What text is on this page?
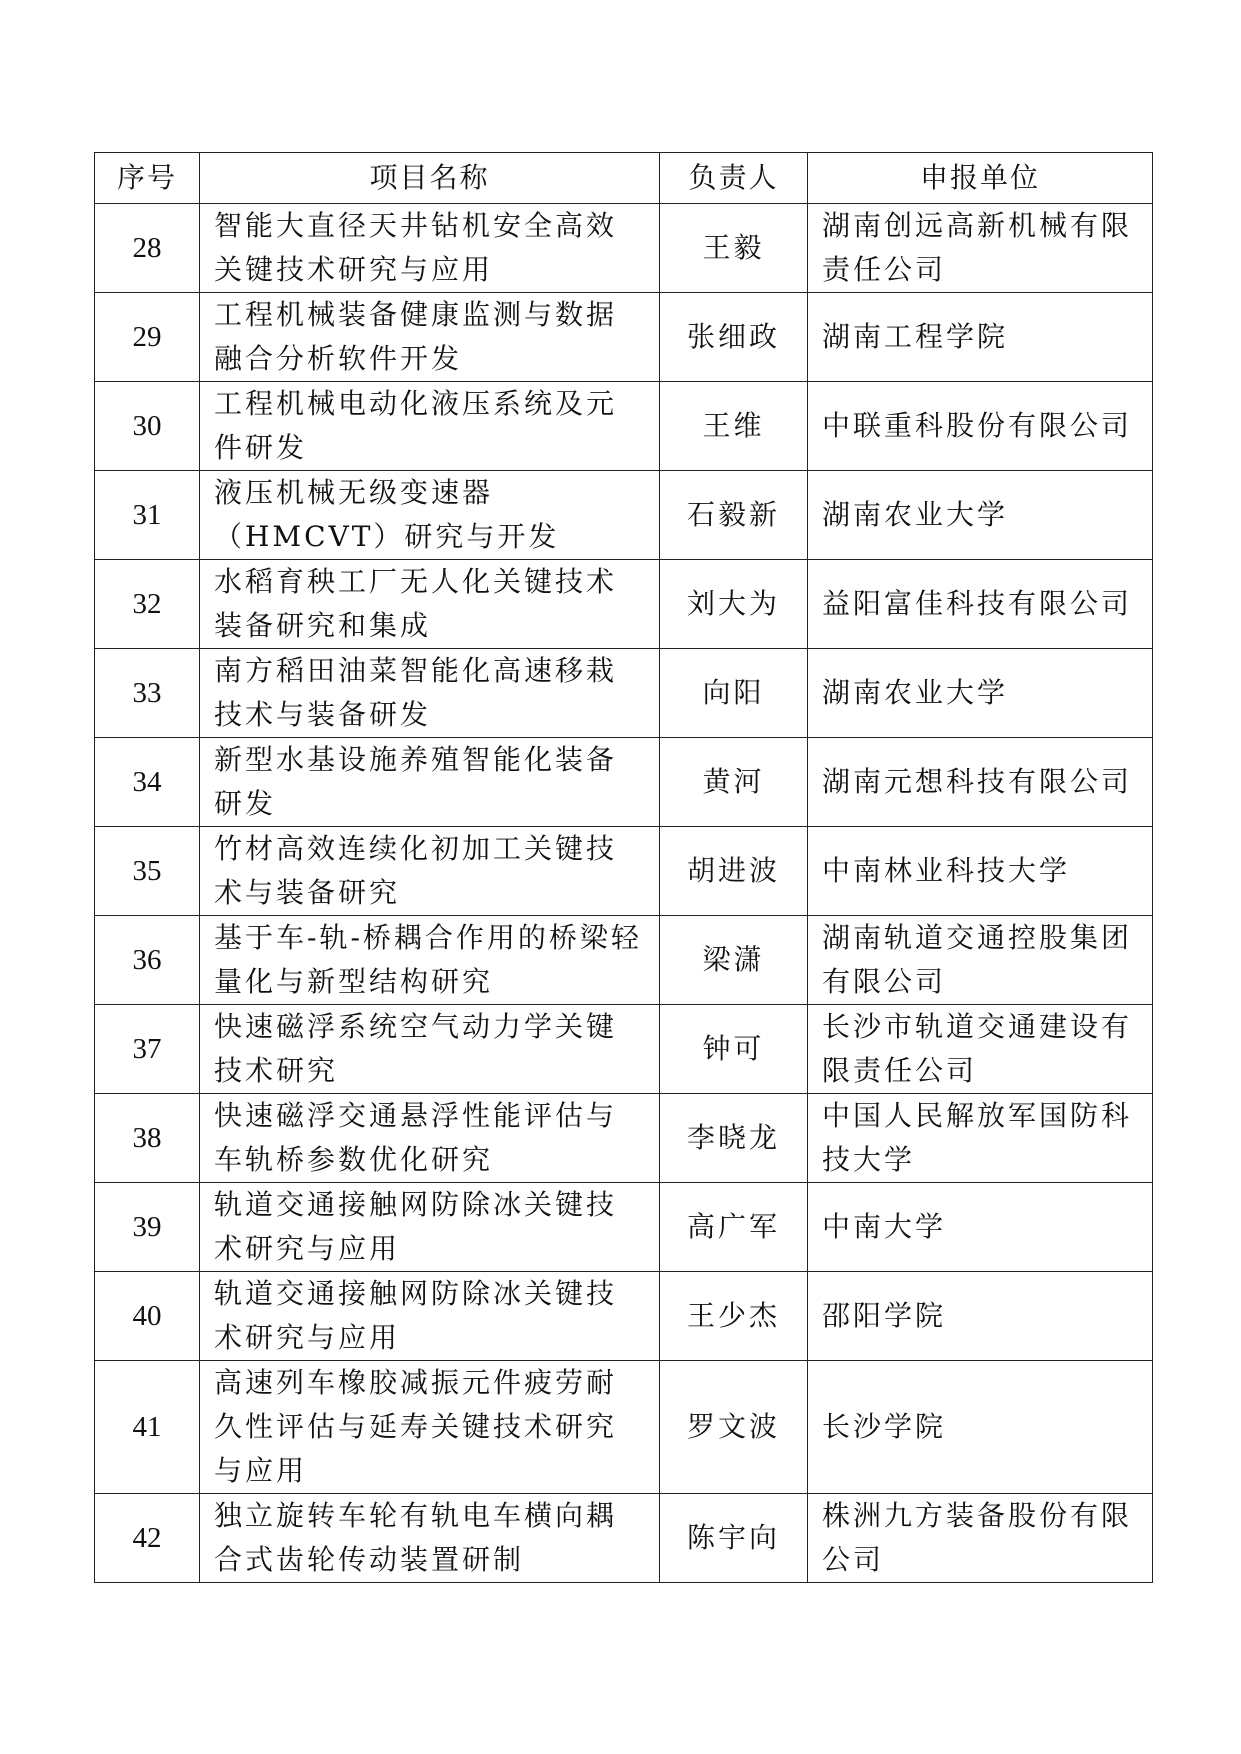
序号	项目名称	负责人	申报单位
28	智能大直径天井钻机安全高效关键技术研究与应用	王毅	湖南创远高新机械有限责任公司
29	工程机械装备健康监测与数据融合分析软件开发	张细政	湖南工程学院
30	工程机械电动化液压系统及元件研发	王维	中联重科股份有限公司
31	液压机械无级变速器（HMCVT）研究与开发	石毅新	湖南农业大学
32	水稻育秧工厂无人化关键技术装备研究和集成	刘大为	益阳富佳科技有限公司
33	南方稻田油菜智能化高速移栽技术与装备研发	向阳	湖南农业大学
34	新型水基设施养殖智能化装备研发	黄河	湖南元想科技有限公司
35	竹材高效连续化初加工关键技术与装备研究	胡进波	中南林业科技大学
36	基于车-轨-桥耦合作用的桥梁轻量化与新型结构研究	梁潇	湖南轨道交通控股集团有限公司
37	快速磁浮系统空气动力学关键技术研究	钟可	长沙市轨道交通建设有限责任公司
38	快速磁浮交通悬浮性能评估与车轨桥参数优化研究	李晓龙	中国人民解放军国防科技大学
39	轨道交通接触网防除冰关键技术研究与应用	高广军	中南大学
40	轨道交通接触网防除冰关键技术研究与应用	王少杰	邵阳学院
41	高速列车橡胶减振元件疲劳耐久性评估与延寿关键技术研究与应用	罗文波	长沙学院
42	独立旋转车轮有轨电车横向耦合式齿轮传动装置研制	陈宇向	株洲九方装备股份有限公司
